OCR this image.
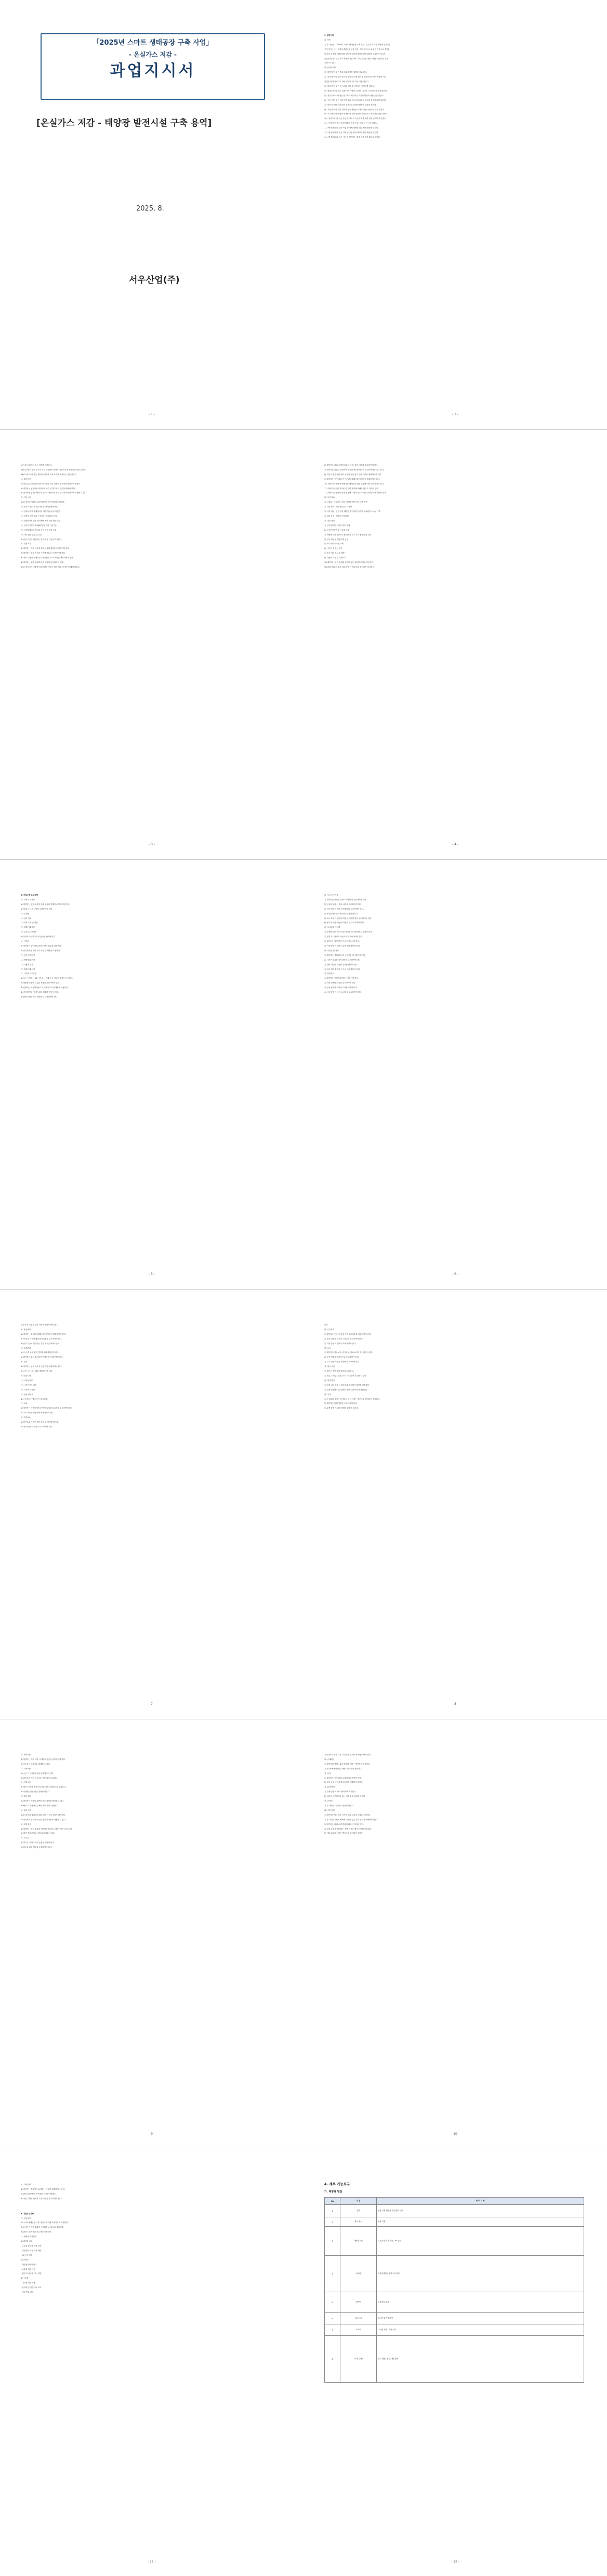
「2025년 스마트 생태공장 구축 사업」
- 온실가스 저감 -
과업지시서
[온실가스 저감 - 태양광 발전시설 구축 용역]
2025. 8.
서우산업(주)
- 1 -

1. 일반사항

가. 목적

1) 본 사업은 「2025년 스마트 생태공장 구축 사업 - 온실가스 저감-태양광 발전시설

구축 용역」에 「스마트생태공장 구축 사업」이에 한다.)으로 관련 기준으로 충족함

및 제조 공정의 친환경화를 위하여 설비에 태양광 발전설비를 도입하여 에너지

효율을 높이고 온실가스 배출을 저감하여, 지속 가능한 생산 기반을 마련하는 것을

목적으로 한다.

나. 용어의 정의

1) "계약자"라 함은 발주자와 계약을 체결한 자로 한다.

2) "감독관"이라 함은 공사의 품질 및 안전 관리를 위하여 발주자가 지정한 자로

사업을 관리·감독하고 관련 서류를 검토하는 자를 말한다.

3) "관리자"라 함은 본 사업의 현장을 담당하는 책임자를 말한다.

4) "설계도서"라 함은 설계도면, 시방서, 공사비 내역서, 구조계산서 등을 말한다.

5) "과업지시서"라 함은 발주자가 제시하는 과업의 범위와 내용 등을 말한다.

6) "준공"이라 함은 계약 목적물의 시공을 완료하고 검사에 합격한 때를 말한다.

7) "하자"라 함은 시공상의 잘못으로 인하여 발생한 결함을 말한다.

8) "시운전"이라 함은 설비의 성능 확인을 위하여 정상 가동하는 것을 말한다.

9) "모니터링"이라 함은 발전량 및 설비 상태를 실시간으로 확인하는 것을 말한다.

10) "유지보수"라 함은 준공 후 설비의 기능 유지를 위한 점검 및 보수를 말한다.

11) "인허가"라 함은 관련 법령에 따른 신고, 허가, 승인 등을 말한다.

12) "안전관리"라 함은 작업 중 재해 예방을 위한 제반 활동을 말한다.

13) "품질관리"라 함은 자재 및 시공 품질 확보를 위한 활동을 말한다.

14) "환경관리"라 함은 시공 중 발생하는 환경 영향 저감 활동을 말한다.

- 2 -

패키 및 공급체의 모든 전후를 의미한다.

15) "검사"라 함은 발주자 또는 감독관이 계약의 이행 여부를 확인하는 것을 말한다.

16) "보증"이라 함은 계약의 이행 및 하자 보수를 보장하는 것을 말한다.

다. 계약기간

1) 착수일로부터 준공일까지로 하며, 세부 일정은 발주자와 협의하여 정한다.

2) 계약자는 공정표를 작성하여 착수 전 발주자의 승인을 받아야 한다.

3) 천재지변 등 불가항력의 사유로 지연되는 경우 발주자와 협의하여 조정할 수 있다.

라. 적용 기준

1) 본 과업은 아래의 관련 법령 및 기준에 따라 수행한다.

가) 전기사업법, 전기공사업법, 전기안전관리법

나) 신에너지 및 재생에너지 개발·이용·보급 촉진법

다) 건축법, 건축물의 구조기준 등에 관한 규칙

라) 산업안전보건법, 중대재해 처벌 등에 관한 법률

마) 한국전기설비규정(KEC) 및 관련 기술기준

바) 신재생에너지 설비의 지원 등에 관한 지침

사) 기타 관련 법령 및 기준

2) 관련 기준이 변경되는 경우 최신 기준을 적용한다.

마. 일반 조건

1) 계약자는 계약 내용에 따라 성실히 과업을 수행하여야 한다.

2) 계약자는 현장 여건을 사전에 충분히 조사하여야 한다.

3) 과업 수행 중 발생하는 모든 안전사고의 책임은 계약자에게 있다.

4) 계약자는 관계 법령에 따른 보험에 가입하여야 한다.

5) 본 과업지시서에 명시되지 않은 사항은 관계 법령 및 일반 관례에 따른다.

- 3 -

6) 계약자는 과업 수행에 필요한 인력, 장비, 자재를 확보하여야 한다.

7) 계약자는 과업과 관련하여 취득한 정보를 외부에 누설하여서는 아니 된다.

8) 과업 수행 중 발주자의 요청이 있을 경우 관련 자료를 제출하여야 한다.

9) 계약자는 공사 착수 전 안전관리계획서를 작성하여 제출하여야 한다.

10) 계약자는 공사 중 발생하는 폐기물을 관련 법령에 따라 처리하여야 한다.

11) 계약자는 인접 시설물 및 주변 환경에 피해가 없도록 하여야 한다.

12) 계약자는 공사 중 공장 운영에 지장이 없도록 작업 일정을 조정하여야 한다.

바. 사업 개요

1) 사업명 : 온실가스 저감 - 태양광 발전시설 구축 용역

2) 사업 장소 : 서우산업(주) 사업장

3) 사업 내용 : 공장 지붕 태양광 발전설비 설치 및 모니터링 시스템 구축

4) 설치 용량 : 설계도서에 의함

사. 과업 범위

1) 실시설계 및 인허가 업무 일체

2) 구조안전진단 및 구조물 보강

3) 태양광 모듈, 인버터, 접속반 등 주요 기자재 공급 및 설치

4) 전기 배선 및 계통연계 공사

5) 모니터링 시스템 구축

6) 시운전 및 성능 검증

7) 준공 서류 작성 및 제출

8) 사용자 교육 및 하자보수

가) 계약자는 과업 범위에 포함된 모든 업무를 수행하여야 한다.

나) 과업 범위 외 추가 업무 발생 시 발주자와 협의하여 처리한다.

- 4 -

2. 사업수행 요구사항

가. 설계 요구사항

1) 계약자는 현장 조사를 통해 최적의 설계를 수행하여야 한다.

2) 설계 시 다음 사항을 고려하여야 한다.

가) 일사량

나) 음영 영향

다) 지붕 구조 및 하중

라) 계통연계 조건

마) 유지보수 편의성

3) 설계도서는 발주자의 승인을 받아야 한다.

나. 인허가

1) 계약자는 발전사업 관련 인허가 업무를 대행한다.

2) 인허가에 필요한 서류 작성 및 제출을 수행한다.

가) 전기사업 허가

나) 개발행위 허가

다) 사용전 검사

라) 계통연계 신청

다. 기자재 요구사항

1) 모든 기자재는 KS 인증 또는 이와 동등 이상의 제품을 사용한다.

2) 태양광 모듈은 고효율 제품을 사용하여야 한다.

3) 인버터는 계통연계형으로 효율이 우수한 제품을 사용한다.

4) 기자재 반입 시 감독관의 검수를 받아야 한다.

5) 불량 자재는 즉시 반출하고 교체하여야 한다.

- 5 -

라. 시공 요구사항

1) 계약자는 승인된 설계도서에 따라 시공하여야 한다.

2) 구조물 설치 시 방수 처리에 유의하여야 한다.

3) 전기 배선은 관련 기준에 따라 시공하여야 한다.

4) 접지공사는 한국전기설비규정에 따른다.

5) 고소 작업 시 안전대 착용 등 안전수칙을 준수하여야 한다.

6) 공사 중 공장 가동에 지장이 없도록 하여야 한다.

마. 모니터링 시스템

1) 발전량, 설비 상태 등을 실시간으로 확인할 수 있어야 한다.

2) 원격 모니터링이 가능하도록 구축하여야 한다.

3) 데이터는 일정 기간 이상 저장되어야 한다.

4) 이상 발생 시 알림 기능을 제공하여야 한다.

바. 시운전 및 검사

1) 계약자는 설치 완료 후 시운전을 실시하여야 한다.

2) 시운전 결과를 감독관에게 보고하여야 한다.

3) 관련 기관의 사용전 검사를 받아야 한다.

4) 검사 결과 불합격 시 즉시 보완하여야 한다.

사. 안전관리

1) 계약자는 안전관리자를 선임하여야 한다.

2) 작업 전 안전교육을 실시하여야 한다.

3) 안전 장비를 비치하고 착용하여야 한다.

4) 사고 발생 시 즉시 보고하고 조치하여야 한다.

- 6 -

업체 또는 기술자 등의 자료를 제출하여야 한다.

아. 품질관리

1) 계약자는 품질관리계획서를 작성하여 제출하여야 한다.

2) 자재 및 시공에 대한 품질시험을 실시하여야 한다.

3) 품질 기준에 미달하는 경우 재시공하여야 한다.

자. 환경관리

1) 공사 중 소음, 분진 발생을 최소화하여야 한다.

2) 폐기물은 분리 수거하여 적법하게 처리하여야 한다.

차. 준공

1) 계약자는 공사 완료 후 준공계를 제출하여야 한다.

2) 준공 시 다음 서류를 제출하여야 한다.

가) 준공도면

나) 시험성적서

다) 사용전검사 필증

라) 기자재 보증서

마) 운영 매뉴얼

3) 준공검사는 발주자가 실시한다.

카. 교육

1) 계약자는 사용자에게 운영 및 유지관리 교육을 실시하여야 한다.

2) 교육 자료를 작성하여 제공하여야 한다.

타. 하자보수

1) 하자보수 기간은 관련 법령 및 계약에 따른다.

2) 하자 발생 시 신속히 보수하여야 한다.

- 7 -

한다.

파. 유지보수

1) 계약자는 준공 후 일정 기간 유지보수를 지원하여야 한다.

2) 정기 점검을 실시하고 결과를 보고하여야 한다.

3) 고장 발생 시 신속히 조치하여야 한다.

하. 보고

1) 계약자는 착수보고, 중간보고, 완료보고를 실시하여야 한다.

2) 공정 현황을 정기적으로 보고하여야 한다.

3) 주요 변경 사항은 사전에 보고하여야 한다.

거. 대금 지급

1) 대금은 계약 조건에 따라 지급한다.

2) 선금, 기성금, 준공금으로 구분하여 지급할 수 있다.

너. 계약 변경

1) 과업 내용 변경 시 발주자와 협의하여 계약을 변경한다.

2) 설계 변경에 따른 비용은 관련 기준에 따라 정산한다.

더. 기타

1) 본 과업지시서에 명시되지 않은 사항은 발주자와 협의하여 결정한다.

2) 계약자는 관련 법령을 준수하여야 한다.

3) 분쟁 발생 시 관할 법원의 판결에 따른다.

- 8 -

가. 계약보증

1) 계약자는 계약 체결 시 계약보증금을 납부하여야 한다.

2) 보증금은 보증서로 대체할 수 있다.

나. 하자보증

1) 준공 시 하자보증금을 납부하여야 한다.

2) 하자보증 기간 내 하자는 계약자가 보수한다.

다. 지체상금

1) 계약 기간 내 준공하지 못한 경우 지체상금을 부과한다.

2) 지체상금률은 관련 법령에 따른다.

라. 계약 해지

1) 계약자가 계약을 위반한 경우 계약을 해지할 수 있다.

2) 해지 시 발생하는 손해는 계약자가 부담한다.

마. 권리 귀속

1) 본 과업의 결과물에 대한 권리는 발주자에게 귀속된다.

2) 계약자는 발주자의 승인 없이 결과물을 사용할 수 없다.

바. 비밀 유지

1) 계약자는 과업 수행 중 알게 된 정보를 누설하여서는 아니 된다.

2) 계약 종료 후에도 비밀 유지 의무가 있다.

사. 하도급

1) 하도급 시 발주자의 승인을 받아야 한다.

2) 하도급 관련 법령을 준수하여야 한다.

- 9 -

유지관리를 위한 교육, 기술지원 및 자료를 제공하여야 한다.

아. 손해배상

1) 계약자의 귀책사유로 발생한 손해는 계약자가 배상한다.

2) 제3자에게 발생한 손해도 계약자가 책임진다.

자. 보험

1) 계약자는 공사 관련 보험에 가입하여야 한다.

2) 보험 증권 사본을 발주자에게 제출하여야 한다.

차. 분쟁 해결

1) 분쟁 발생 시 상호 협의하여 해결한다.

2) 협의가 이루어지지 않는 경우 관할 법원에 따른다.

카. 준거법

1) 본 계약은 대한민국 법률에 따른다.

타. 기타 사항

1) 계약자는 발주자의 지시에 따라 성실히 과업을 수행한다.

2) 본 과업지시서의 해석에 이견이 있는 경우 발주자의 해석에 따른다.

3) 계약자는 과업 수행 결과에 대하여 책임을 진다.

4) 과업 수행 중 발생하는 제반 비용은 계약 금액에 포함된다.

5) 기타 필요한 사항은 발주자와 협의하여 정한다.

- 10 -

마. 기타사항

1) 계약자는 발주자가 요청하는 자료를 제출하여야 한다.

2) 관련 법령 변경 시 변경된 기준을 적용한다.

3) 과업 수행에 필요한 모든 사항을 준수하여야 한다.

3. 기술요구사항

가. 공통사항

1) 스마트생태공장 구축 사업의 취지에 부합하도록 수행한다.

2) 온실가스 저감 효과를 극대화할 수 있도록 설계한다.

3) 관련 기술기준을 준수하여 시공한다.

나. 태양광 발전설비

1) 태양광 모듈

- 고효율 단결정 모듈 사용

- 변환효율 기준 이상 제품

- KS 인증 제품

2) 인버터

- 계통연계형 인버터

- 고효율 제품 사용

- 원격 모니터링 기능 지원

3) 구조물

- 내식성 재질 사용

- 풍하중 및 적설하중 고려

- 지붕 방수 처리

- 11 -
4. 세부 기능요구
가. 태양광 발전
No	구 분	세 부 사 항
1	총괄	공장 지붕 태양광 발전설비 구축
2	설치 위치	공장 지붕
3	태양광모듈	고효율 단결정 모듈 / KS 인증
4	인버터	계통연계형 / 원격 모니터링
5	접속반	보호장치 내장
6	모니터링	실시간 발전량 확인
7	구조물	내식성 재질 / 하중 검토
8	기타(부대)	전기 배선, 접지, 계통연계
- 12 -
